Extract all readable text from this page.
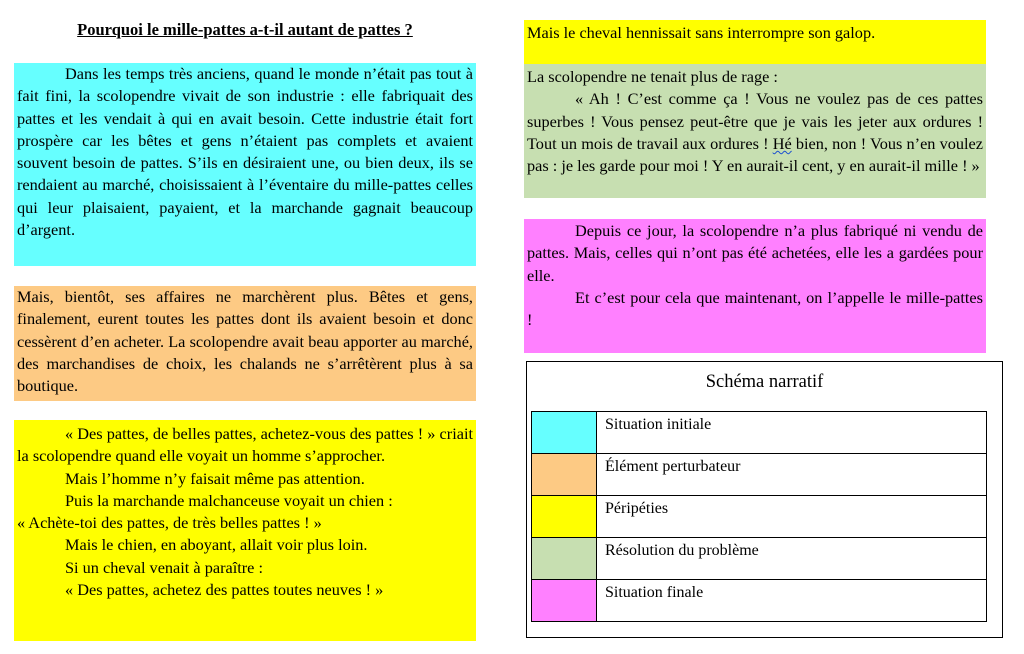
Pourquoi le mille-pattes a-t-il autant de pattes ?

Dans les temps très anciens, quand le monde n’était pas tout à fait fini, la scolopendre vivait de son industrie : elle fabriquait des pattes et les vendait à qui en avait besoin. Cette industrie était fort prospère car les bêtes et gens n’étaient pas complets et avaient souvent besoin de pattes. S’ils en désiraient une, ou bien deux, ils se rendaient au marché, choisissaient à l’éventaire du mille-pattes celles qui leur plaisaient, payaient, et la marchande gagnait beaucoup d’argent.

Mais, bientôt, ses affaires ne marchèrent plus. Bêtes et gens, finalement, eurent toutes les pattes dont ils avaient besoin et donc cessèrent d’en acheter. La scolopendre avait beau apporter au marché, des marchandises de choix, les chalands ne s’arrêtèrent plus à sa boutique.

« Des pattes, de belles pattes, achetez-vous des pattes ! » criait la scolopendre quand elle voyait un homme s’approcher.

Mais l’homme n’y faisait même pas attention.

Puis la marchande malchanceuse voyait un chien :

« Achète-toi des pattes, de très belles pattes ! »

Mais le chien, en aboyant, allait voir plus loin.

Si un cheval venait à paraître :

« Des pattes, achetez des pattes toutes neuves ! »

Mais le cheval hennissait sans interrompre son galop.

La scolopendre ne tenait plus de rage :

« Ah ! C’est comme ça ! Vous ne voulez pas de ces pattes superbes ! Vous pensez peut-être que je vais les jeter aux ordures ! Tout un mois de travail aux ordures ! Hé bien, non ! Vous n’en voulez pas : je les garde pour moi ! Y en aurait-il cent, y en aurait-il mille ! »

Depuis ce jour, la scolopendre n’a plus fabriqué ni vendu de pattes. Mais, celles qui n’ont pas été achetées, elle les a gardées pour elle.

Et c’est pour cela que maintenant, on l’appelle le mille-pattes !

Schéma narratif
	Situation initiale
	Élément perturbateur
	Péripéties
	Résolution du problème
	Situation finale
